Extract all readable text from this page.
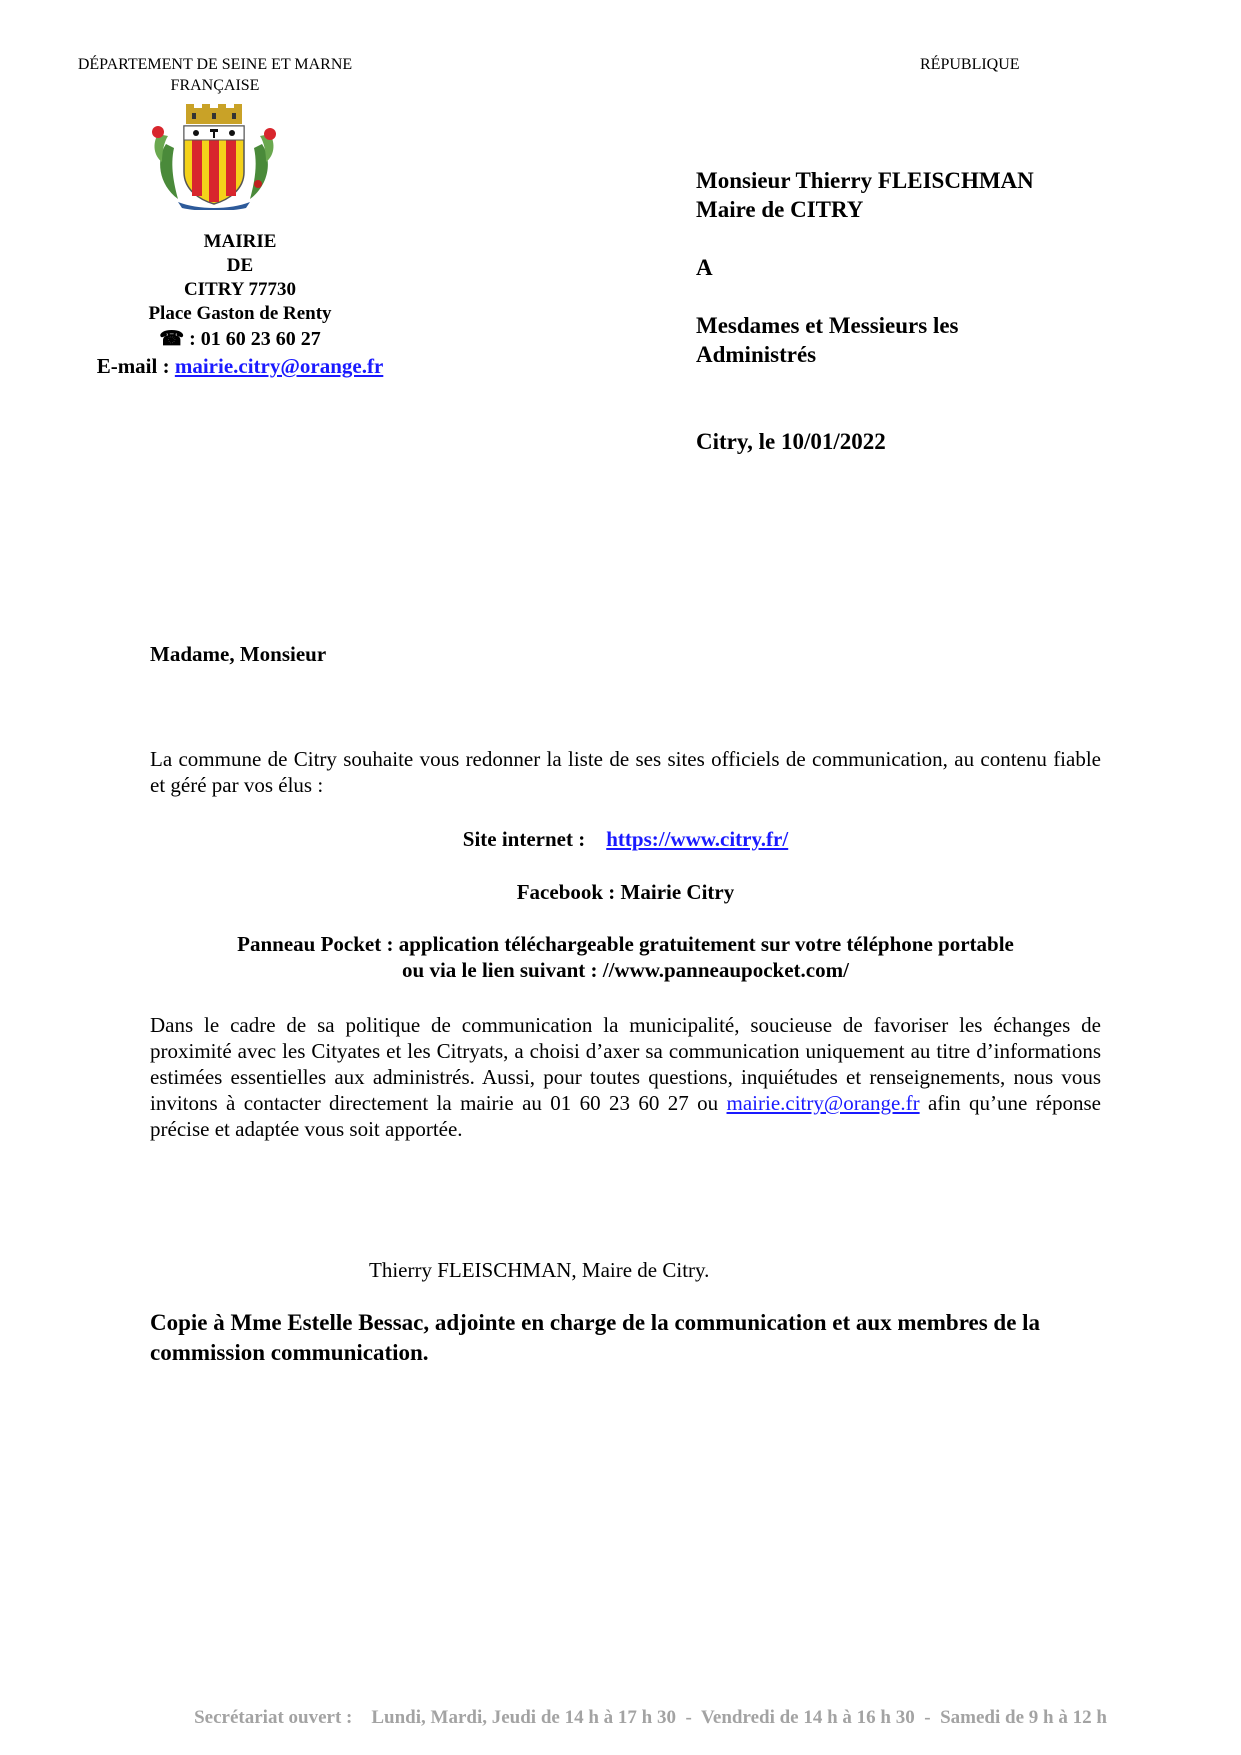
DÉPARTEMENT DE SEINE ET MARNE
FRANÇAISE
RÉPUBLIQUE
MAIRIE
DE
CITRY 77730
Place Gaston de Renty
☎ : 01 60 23 60 27
E-mail : mairie.citry@orange.fr

Monsieur Thierry FLEISCHMAN

Maire de CITRY

A

Mesdames et Messieurs les

Administrés

Citry, le 10/01/2022

Madame, Monsieur
La commune de Citry souhaite vous redonner la liste de ses sites officiels de communication, au contenu fiable et géré par vos élus :
Site internet : https://www.citry.fr/
Facebook : Mairie Citry
Panneau Pocket : application téléchargeable gratuitement sur votre téléphone portable
ou via le lien suivant : //www.panneaupocket.com/
Dans le cadre de sa politique de communication la municipalité, soucieuse de favoriser les échanges de proximité avec les Cityates et les Citryats, a choisi d’axer sa communication uniquement au titre d’informations estimées essentielles aux administrés. Aussi, pour toutes questions, inquiétudes et renseignements, nous vous invitons à contacter directement la mairie au 01 60 23 60 27 ou mairie.citry@orange.fr afin qu’une réponse précise et adaptée vous soit apportée.
Thierry FLEISCHMAN, Maire de Citry.
Copie à Mme Estelle Bessac, adjointe en charge de la communication et aux membres de la commission communication.
Secrétariat ouvert : Lundi, Mardi, Jeudi de 14 h à 17 h 30  -  Vendredi de 14 h à 16 h 30  -  Samedi de 9 h à 12 h
